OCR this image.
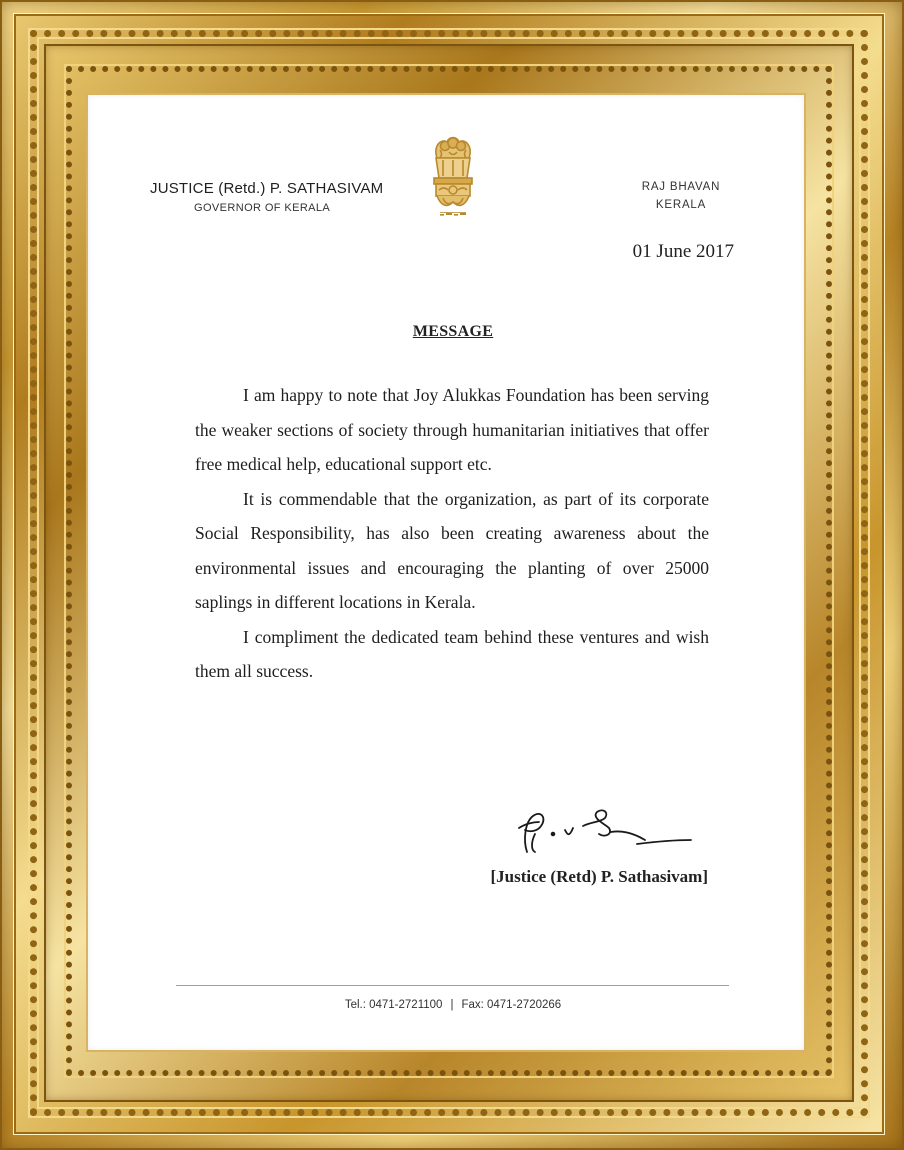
JUSTICE (Retd.) P. SATHASIVAM
GOVERNOR OF KERALA
RAJ BHAVAN
KERALA
01 June 2017
MESSAGE

I am happy to note that Joy Alukkas Foundation has been serving the weaker sections of society through humanitarian initiatives that offer free medical help, educational support etc.

It is commendable that the organization, as part of its corporate Social Responsibility, has also been creating awareness about the environmental issues and encouraging the planting of over 25000 saplings in different locations in Kerala.

I compliment the dedicated team behind these ventures and wish them all success.

[Justice (Retd) P. Sathasivam]
Tel.: 0471-2721100 | Fax: 0471-2720266
